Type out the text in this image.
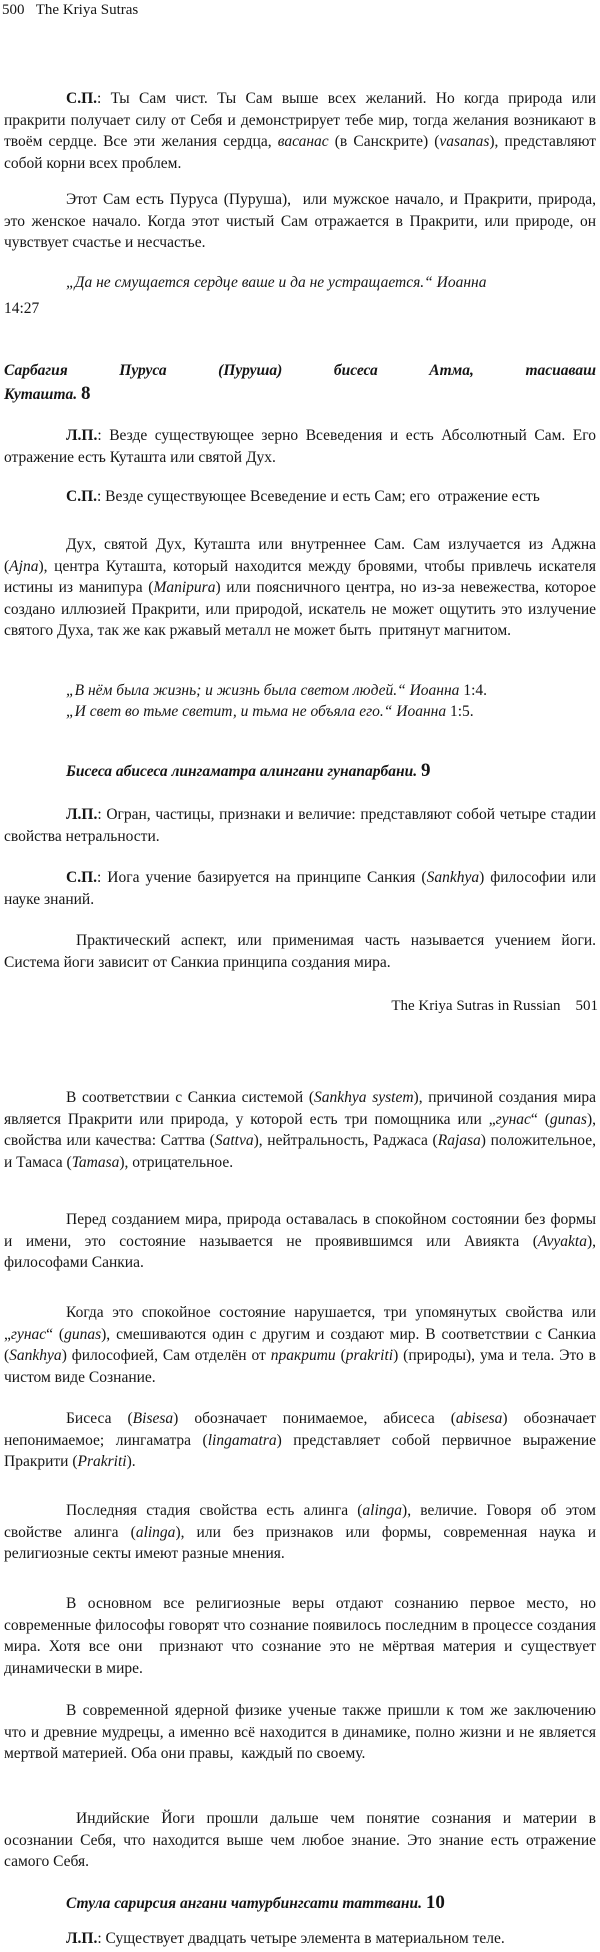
500 The Kriya Sutras

С.П.: Ты Сам чист. Ты Сам выше всех желаний. Но когда природа или пракрити получает силу от Себя и демонстрирует тебе мир, тогда желания возникают в твоём сердце. Все эти желания сердца, васанас (в Санскрите) (vasanas), представляют собой корни всех проблем.

Этот Сам есть Пуруса (Пуруша),  или мужское начало, и Пракрити, природа, это женское начало. Когда этот чистый Сам отражается в Пракрити, или природе, он чувствует счастье и несчастье.

„Да не смущается сердце ваше и да не устращается.“ Иоанна

14:27

Сарбагия   Пуруса   (Пуруша)   бисеса   Атма,   тасиаваш

Куташта. 8

Л.П.: Везде существующее зерно Всеведения и есть Абсолютный Сам. Его отражение есть Куташта или святой Дух.

С.П.: Везде существующее Всеведение и есть Сам; его  отражение есть

Дух, святой Дух, Куташта или внутреннее Сам. Сам излучается из Аджна (Ajna), центра Куташта, который находится между бровями, чтобы привлечь искателя истины из манипура (Manipura) или поясничного центра, но из-за невежества, которое создано иллюзией Пракрити, или природой, искатель не может ощутить это излучение святого Духа, так же как ржавый металл не может быть  притянут магнитом.

„В нём была жизнь; и жизнь была светом людей.“ Иоанна 1:4.

„И свет во тьме светит, и тьма не объяла его.“ Иоанна 1:5.

Бисеса абисеса лингаматра алингани гунапарбани. 9

Л.П.: Огран, частицы, признаки и величие: представляют собой четыре стадии свойства нетральности.

С.П.: Иога учение базируется на принципе Санкия (Sankhya) философии или науке знаний.

Практический аспект, или применимая часть называется учением йоги. Система йоги зависит от Санкиа принципа создания мира.

The Kriya Sutras in Russian 501

В соответствии с Санкиа системой (Sankhya system), причиной создания мира является Пракрити или природа, у которой есть три помощника или „гунас“ (gunas), свойства или качества: Саттва (Sattva), нейтральность, Раджаса (Rajasa) положительное, и Тамаса (Tamasa), отрицательное.

Перед созданием мира, природа оставалась в спокойном состоянии без формы и имени, это состояние называется не проявившимся или Авиякта (Avyakta), философами Санкиа.

Когда это спокойное состояние нарушается, три упомянутых свойства или „гунас“ (gunas), смешиваются один с другим и создают мир. В соответствии с Санкиа (Sankhya) философией, Сам отделён от пракрити (prakriti) (природы), ума и тела. Это в чистом виде Сознание.

Бисеса (Bisesa) обозначает понимаемое, абисеса (abisesa) обозначает непонимаемое; лингаматра (lingamatra) представляет собой первичное выражение Пракрити (Prakriti).

Последняя стадия свойства есть алинга (alinga), величие. Говоря об этом свойстве алинга (alinga), или без признаков или формы, современная наука и религиозные секты имеют разные мнения.

В основном все религиозные веры отдают сознанию первое место, но современные философы говорят что сознание появилось последним в процессе создания мира. Хотя все они  признают что сознание это не мёртвая материя и существует динамически в мире.

В современной ядерной физике ученые также пришли к том же заключению что и древние мудрецы, а именно всё находится в динамике, полно жизни и не является мертвой материей. Оба они правы,  каждый по своему.

Индийские Йоги прошли дальше чем понятие сознания и материи в осознании Себя, что находится выше чем любое знание. Это знание есть отражение самого Себя.

Стула сарирсия ангани чатурбингсати таттвани. 10

Л.П.: Существует двадцать четыре элемента в материальном теле.
